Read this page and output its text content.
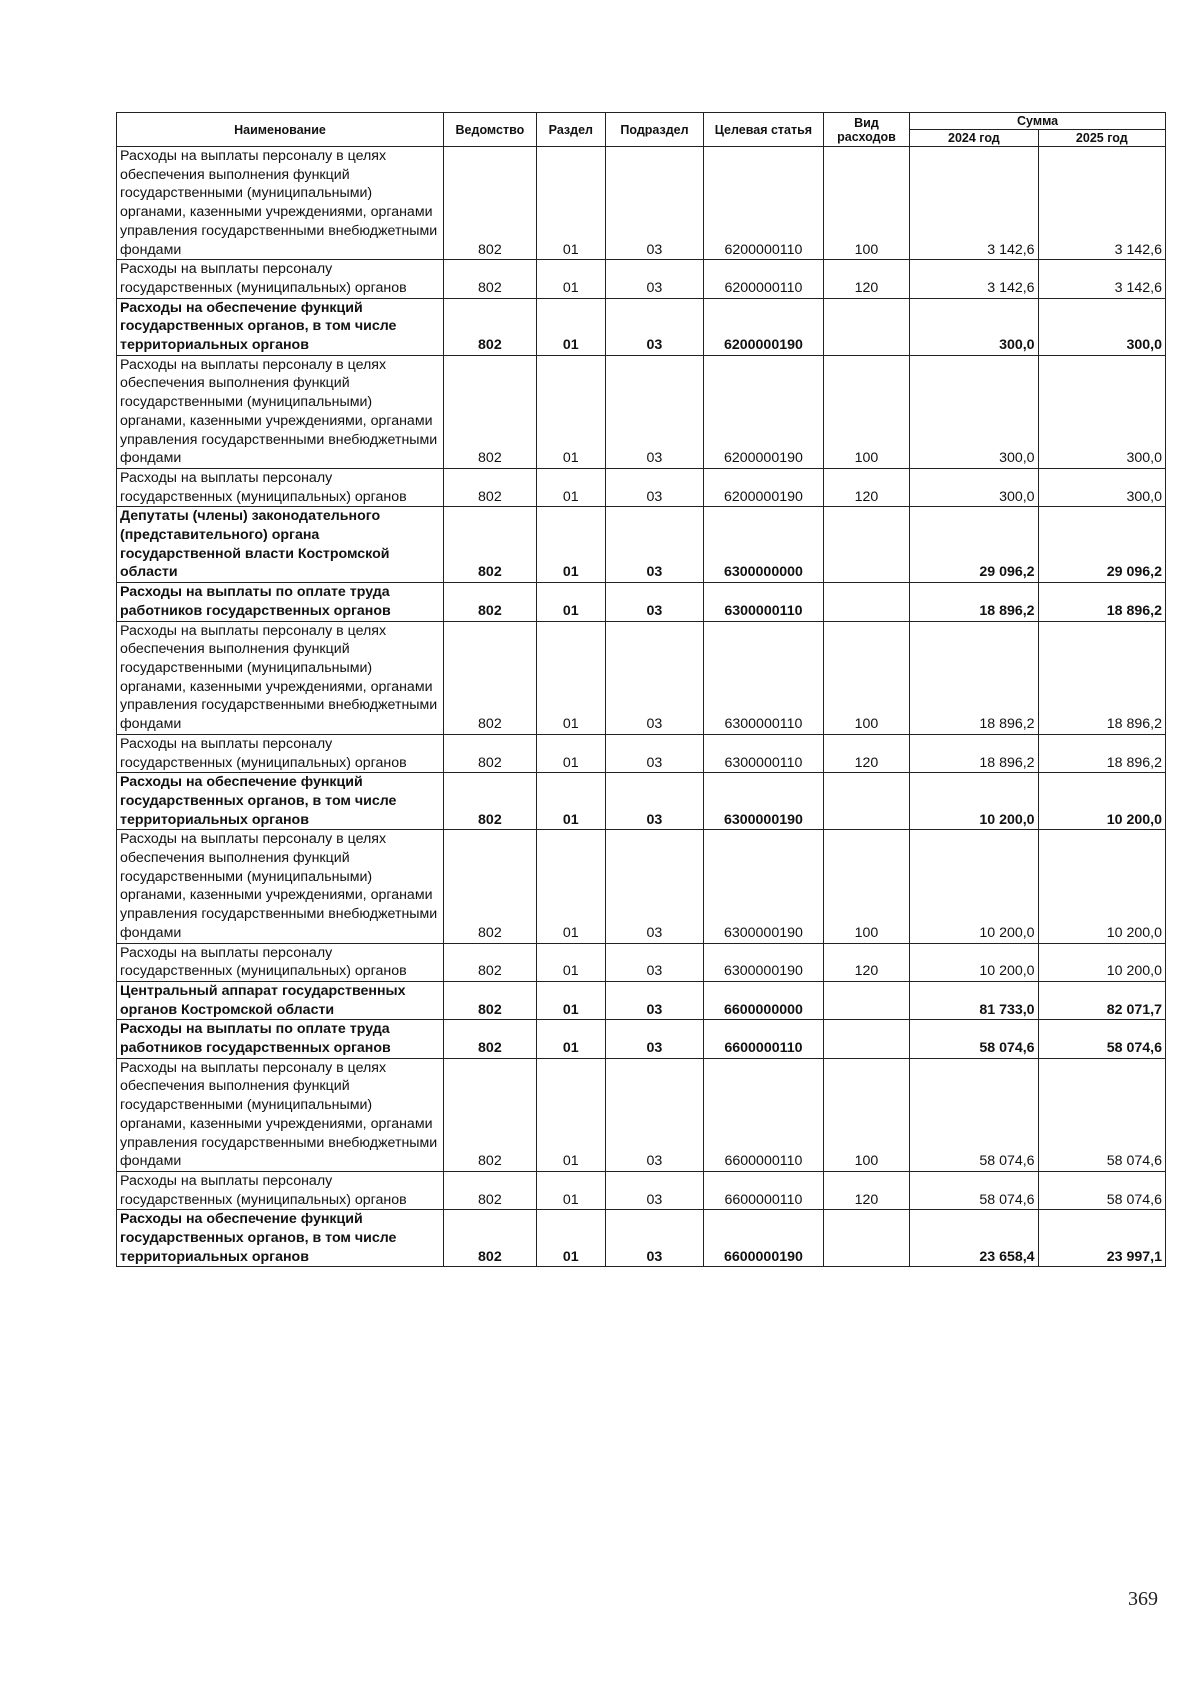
Наименование	Ведомство	Раздел	Подраздел	Целевая статья	Вид расходов	Сумма	
						2024 год	2025 год
Расходы на выплаты персоналу в целях обеспечения выполнения функций государственными (муниципальными) органами, казенными учреждениями, органами управления государственными внебюджетными фондами	802	01	03	6200000110	100	3 142,6	3 142,6
Расходы на выплаты персоналу государственных (муниципальных) органов	802	01	03	6200000110	120	3 142,6	3 142,6
Расходы на обеспечение функций государственных органов, в том числе территориальных органов	802	01	03	6200000190		300,0	300,0
Расходы на выплаты персоналу в целях обеспечения выполнения функций государственными (муниципальными) органами, казенными учреждениями, органами управления государственными внебюджетными фондами	802	01	03	6200000190	100	300,0	300,0
Расходы на выплаты персоналу государственных (муниципальных) органов	802	01	03	6200000190	120	300,0	300,0
Депутаты (члены) законодательного (представительного) органа государственной власти Костромской области	802	01	03	6300000000		29 096,2	29 096,2
Расходы на выплаты по оплате труда работников государственных органов	802	01	03	6300000110		18 896,2	18 896,2
Расходы на выплаты персоналу в целях обеспечения выполнения функций государственными (муниципальными) органами, казенными учреждениями, органами управления государственными внебюджетными фондами	802	01	03	6300000110	100	18 896,2	18 896,2
Расходы на выплаты персоналу государственных (муниципальных) органов	802	01	03	6300000110	120	18 896,2	18 896,2
Расходы на обеспечение функций государственных органов, в том числе территориальных органов	802	01	03	6300000190		10 200,0	10 200,0
Расходы на выплаты персоналу в целях обеспечения выполнения функций государственными (муниципальными) органами, казенными учреждениями, органами управления государственными внебюджетными фондами	802	01	03	6300000190	100	10 200,0	10 200,0
Расходы на выплаты персоналу государственных (муниципальных) органов	802	01	03	6300000190	120	10 200,0	10 200,0
Центральный аппарат государственных органов Костромской области	802	01	03	6600000000		81 733,0	82 071,7
Расходы на выплаты по оплате труда работников государственных органов	802	01	03	6600000110		58 074,6	58 074,6
Расходы на выплаты персоналу в целях обеспечения выполнения функций государственными (муниципальными) органами, казенными учреждениями, органами управления государственными внебюджетными фондами	802	01	03	6600000110	100	58 074,6	58 074,6
Расходы на выплаты персоналу государственных (муниципальных) органов	802	01	03	6600000110	120	58 074,6	58 074,6
Расходы на обеспечение функций государственных органов, в том числе территориальных органов	802	01	03	6600000190		23 658,4	23 997,1
369
